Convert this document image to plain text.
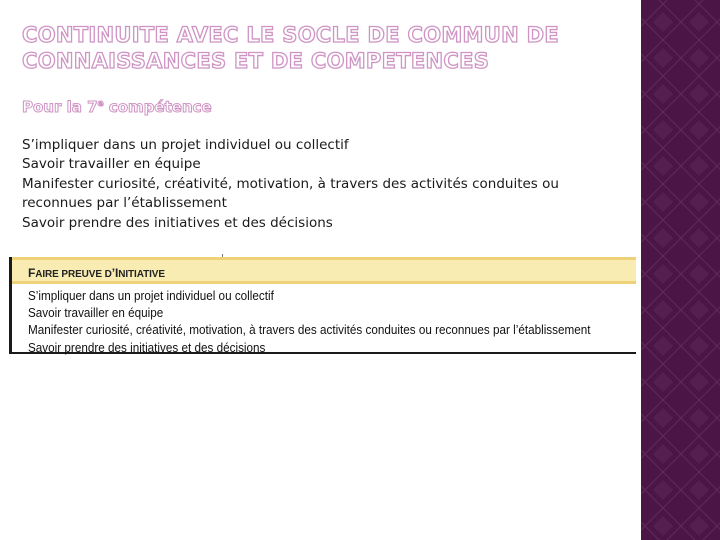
CONTINUITE AVEC LE SOCLE DE COMMUN DE CONNAISSANCES ET DE COMPETENCES
Pour la 7e compétence

S’impliquer dans un projet individuel ou collectif

Savoir travailler en équipe

Manifester curiosité, créativité, motivation, à travers des activités conduites ou reconnues par l’établissement

Savoir prendre des initiatives et des décisions

FAIRE PREUVE D’INITIATIVE
S’impliquer dans un projet individuel ou collectif
Savoir travailler en équipe
Manifester curiosité, créativité, motivation, à travers des activités conduites ou reconnues par l’établissement
Savoir prendre des initiatives et des décisions
